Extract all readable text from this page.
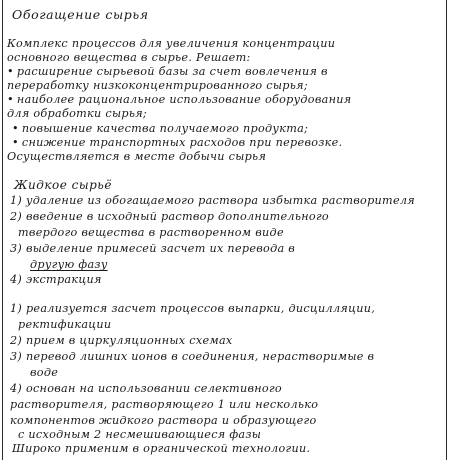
Обогащение сырья
Комплекс процессов для увеличения концентрации
основного вещества в сырье. Решает:
• расширение сырьевой базы за счет вовлечения в
переработку низкоконцентрированного сырья;
• наиболее рациональное использование оборудования
для обработки сырья;
• повышение качества получаемого продукта;
• снижение транспортных расходов при перевозке.
Осуществляется в месте добычи сырья
Жидкое сырьё
1) удаление из обогащаемого раствора избытка растворителя
2) введение в исходный раствор дополнительного
твердого вещества в растворенном виде
3) выделение примесей засчет их перевода в
другую фазу
4) экстракция
1) реализуется засчет процессов выпарки, дисцилляции,
ректификации
2) прием в циркуляционных схемах
3) перевод лишних ионов в соединения, нерастворимые в
воде
4) основан на использовании селективного
растворителя, растворяющего 1 или несколько
компонентов жидкого раствора и образующего
с исходным 2 несмешивающиеся фазы
Широко применим в органической технологии.
